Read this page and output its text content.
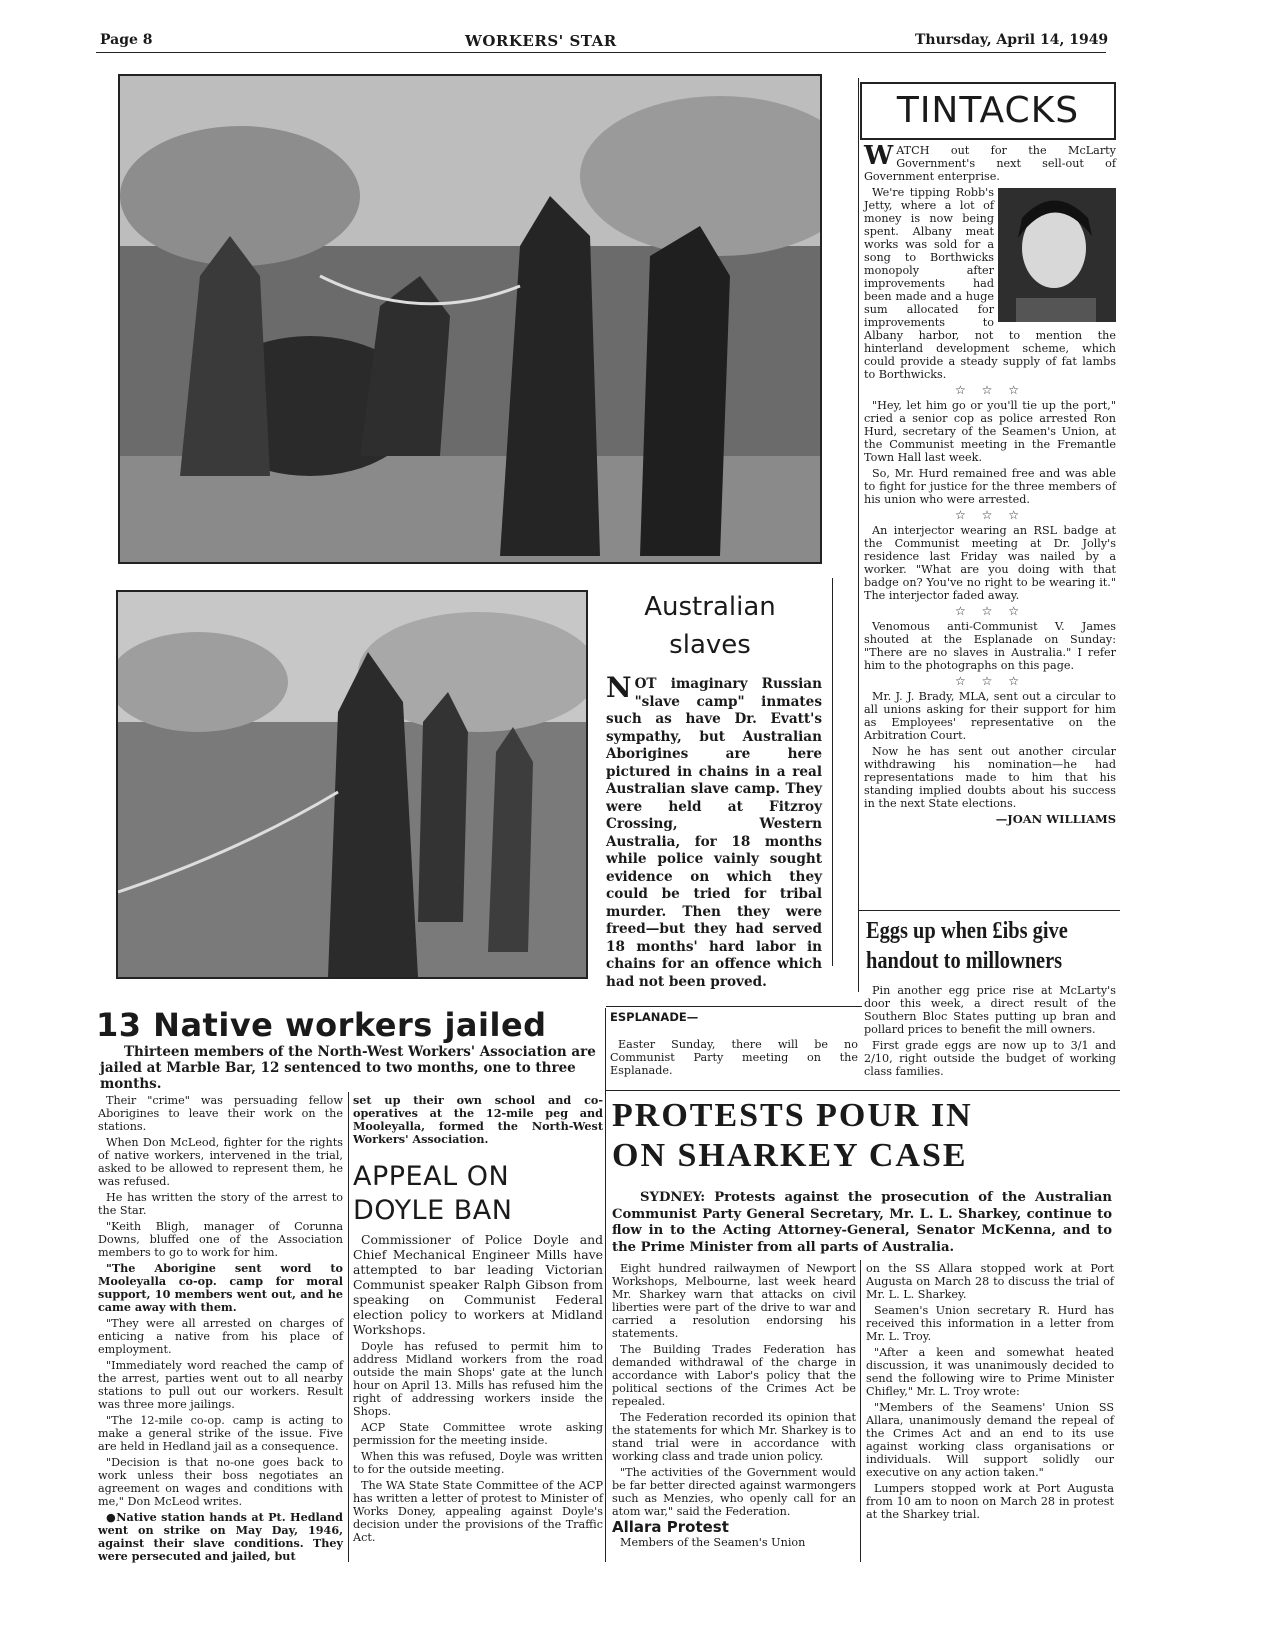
Page 8	WORKERS' STAR	Thursday, April 14, 1949
Australian
slaves
NOT imaginary Russian "slave camp" inmates such as have Dr. Evatt's sympathy, but Australian Aborigines are here pictured in chains in a real Australian slave camp. They were held at Fitzroy Crossing, Western Australia, for 18 months while police vainly sought evidence on which they could be tried for tribal murder. Then they were freed—but they had served 18 months' hard labor in chains for an offence which had not been proved.
TINTACKS

WATCH out for the McLarty Government's next sell-out of Government enterprise.

We're tipping Robb's Jetty, where a lot of money is now being spent. Albany meat works was sold for a song to Borthwicks monopoly after improvements had been made and a huge sum allocated for improvements to Albany harbor, not to mention the hinterland development scheme, which could provide a steady supply of fat lambs to Borthwicks.

☆ ☆ ☆

"Hey, let him go or you'll tie up the port," cried a senior cop as police arrested Ron Hurd, secretary of the Seamen's Union, at the Communist meeting in the Fremantle Town Hall last week.

So, Mr. Hurd remained free and was able to fight for justice for the three members of his union who were arrested.

☆ ☆ ☆

An interjector wearing an RSL badge at the Communist meeting at Dr. Jolly's residence last Friday was nailed by a worker. "What are you doing with that badge on? You've no right to be wearing it." The interjector faded away.

☆ ☆ ☆

Venomous anti-Communist V. James shouted at the Esplanade on Sunday: "There are no slaves in Australia." I refer him to the photographs on this page.

☆ ☆ ☆

Mr. J. J. Brady, MLA, sent out a circular to all unions asking for their support for him as Employees' representative on the Arbitration Court.

Now he has sent out another circular withdrawing his nomination—he had representations made to him that his standing implied doubts about his success in the next State elections.

—JOAN WILLIAMS
Eggs up when £ibs give handout to millowners

Pin another egg price rise at McLarty's door this week, a direct result of the Southern Bloc States putting up bran and pollard prices to benefit the mill owners.

First grade eggs are now up to 3/1 and 2/10, right outside the budget of working class families.

13 Native workers jailed
Thirteen members of the North-West Workers' Association are jailed at Marble Bar, 12 sentenced to two months, one to three months.

Their "crime" was persuading fellow Aborigines to leave their work on the stations.

When Don McLeod, fighter for the rights of native workers, intervened in the trial, asked to be allowed to represent them, he was refused.

He has written the story of the arrest to the Star.

"Keith Bligh, manager of Corunna Downs, bluffed one of the Association members to go to work for him.

"The Aborigine sent word to Mooleyalla co-op. camp for moral support, 10 members went out, and he came away with them.

"They were all arrested on charges of enticing a native from his place of employment.

"Immediately word reached the camp of the arrest, parties went out to all nearby stations to pull out our workers. Result was three more jailings.

"The 12-mile co-op. camp is acting to make a general strike of the issue. Five are held in Hedland jail as a consequence.

"Decision is that no-one goes back to work unless their boss negotiates an agreement on wages and conditions with me," Don McLeod writes.

●Native station hands at Pt. Hedland went on strike on May Day, 1946, against their slave conditions. They were persecuted and jailed, but

set up their own school and co-operatives at the 12-mile peg and Mooleyalla, formed the North-West Workers' Association.

APPEAL ON
DOYLE BAN

Commissioner of Police Doyle and Chief Mechanical Engineer Mills have attempted to bar leading Victorian Communist speaker Ralph Gibson from speaking on Communist Federal election policy to workers at Midland Workshops.

Doyle has refused to permit him to address Midland workers from the road outside the main Shops' gate at the lunch hour on April 13. Mills has refused him the right of addressing workers inside the Shops.

ACP State Committee wrote asking permission for the meeting inside.

When this was refused, Doyle was written to for the outside meeting.

The WA State State Committee of the ACP has written a letter of protest to Minister of Works Doney, appealing against Doyle's decision under the provisions of the Traffic Act.

ESPLANADE—

Easter Sunday, there will be no Communist Party meeting on the Esplanade.

PROTESTS POUR IN
ON SHARKEY CASE
SYDNEY: Protests against the prosecution of the Australian Communist Party General Secretary, Mr. L. L. Sharkey, continue to flow in to the Acting Attorney-General, Senator McKenna, and to the Prime Minister from all parts of Australia.

Eight hundred railwaymen of Newport Workshops, Melbourne, last week heard Mr. Sharkey warn that attacks on civil liberties were part of the drive to war and carried a resolution endorsing his statements.

The Building Trades Federation has demanded withdrawal of the charge in accordance with Labor's policy that the political sections of the Crimes Act be repealed.

The Federation recorded its opinion that the statements for which Mr. Sharkey is to stand trial were in accordance with working class and trade union policy.

"The activities of the Government would be far better directed against warmongers such as Menzies, who openly call for an atom war," said the Federation.

Allara Protest

Members of the Seamen's Union

on the SS Allara stopped work at Port Augusta on March 28 to discuss the trial of Mr. L. L. Sharkey.

Seamen's Union secretary R. Hurd has received this information in a letter from Mr. L. Troy.

"After a keen and somewhat heated discussion, it was unanimously decided to send the following wire to Prime Minister Chifley," Mr. L. Troy wrote:

"Members of the Seamens' Union SS Allara, unanimously demand the repeal of the Crimes Act and an end to its use against working class organisations or individuals. Will support solidly our executive on any action taken."

Lumpers stopped work at Port Augusta from 10 am to noon on March 28 in protest at the Sharkey trial.
